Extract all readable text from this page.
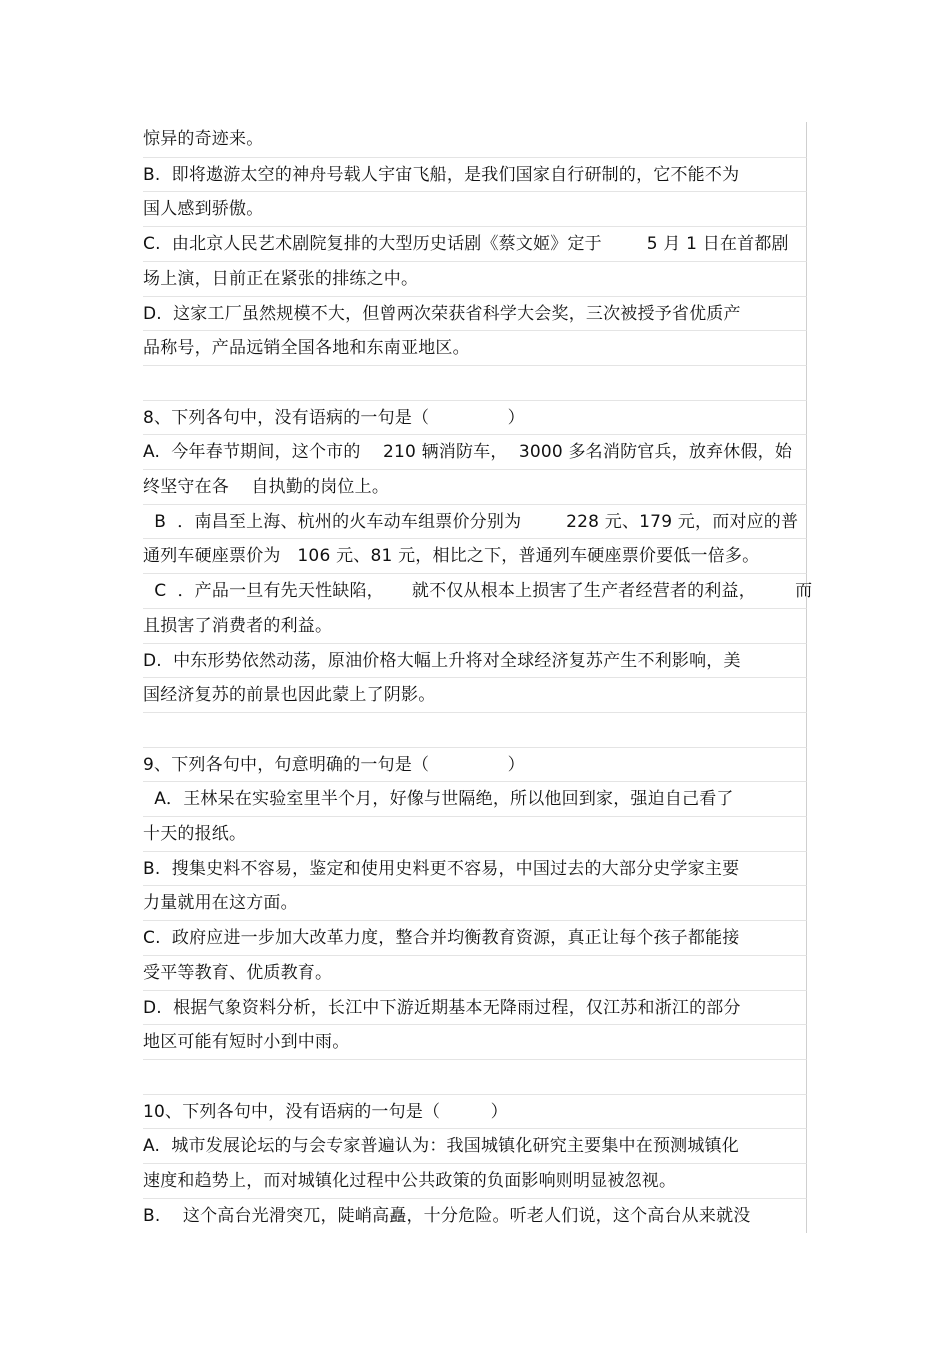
惊异的奇迹来。
B.  即将遨游太空的神舟号载人宇宙飞船，是我们国家自行研制的，它不能不为
国人感到骄傲。
C.  由北京人民艺术剧院复排的大型历史话剧《蔡文姬》定于        5 月 1 日在首都剧
场上演，日前正在紧张的排练之中。
D.  这家工厂虽然规模不大，但曾两次荣获省科学大会奖，三次被授予省优质产
品称号，产品远销全国各地和东南亚地区。
8、下列各句中，没有语病的一句是（              ）
A.  今年春节期间，这个市的    210 辆消防车，  3000 多名消防官兵，放弃休假，始
终坚守在各    自执勤的岗位上。
B  ．南昌至上海、杭州的火车动车组票价分别为        228 元、179 元，而对应的普
通列车硬座票价为   106 元、81 元，相比之下，普通列车硬座票价要低一倍多。
C  ．产品一旦有先天性缺陷，     就不仅从根本上损害了生产者经营者的利益，       而
且损害了消费者的利益。
D.  中东形势依然动荡，原油价格大幅上升将对全球经济复苏产生不利影响，美
国经济复苏的前景也因此蒙上了阴影。
9、下列各句中，句意明确的一句是（              ）
A．王林呆在实验室里半个月，好像与世隔绝，所以他回到家，强迫自己看了
十天的报纸。
B.  搜集史料不容易，鉴定和使用史料更不容易，中国过去的大部分史学家主要
力量就用在这方面。
C.  政府应进一步加大改革力度，整合并均衡教育资源，真正让每个孩子都能接
受平等教育、优质教育。
D.  根据气象资料分析，长江中下游近期基本无降雨过程，仅江苏和浙江的部分
地区可能有短时小到中雨。
10、下列各句中，没有语病的一句是（         ）
A.  城市发展论坛的与会专家普遍认为：我国城镇化研究主要集中在预测城镇化
速度和趋势上，而对城镇化过程中公共政策的负面影响则明显被忽视。
B.    这个高台光滑突兀，陡峭高矗，十分危险。听老人们说，这个高台从来就没
